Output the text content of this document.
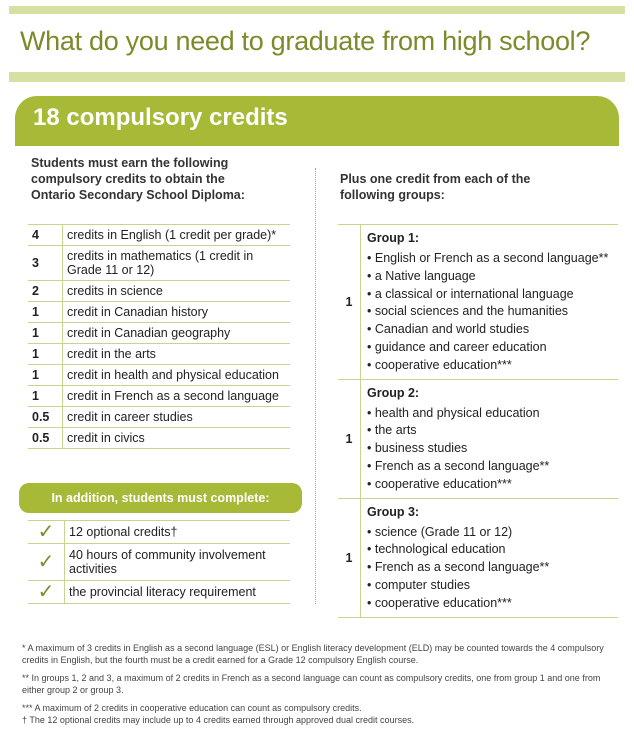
What do you need to graduate from high school?
18 compulsory credits
Students must earn the following compulsory credits to obtain the Ontario Secondary School Diploma:
Plus one credit from each of the following groups:
4	credits in English (1 credit per grade)*
3	credits in mathematics (1 credit in Grade 11 or 12)
2	credits in science
1	credit in Canadian history
1	credit in Canadian geography
1	credit in the arts
1	credit in health and physical education
1	credit in French as a second language
0.5	credit in career studies
0.5	credit in civics
In addition, students must complete:
✓	12 optional credits†
✓	40 hours of community involvement activities
✓	the provincial literacy requirement
1
Group 1:
• English or French as a second language**
• a Native language
• a classical or international language
• social sciences and the humanities
• Canadian and world studies
• guidance and career education
• cooperative education***
1
Group 2:
• health and physical education
• the arts
• business studies
• French as a second language**
• cooperative education***
1
Group 3:
• science (Grade 11 or 12)
• technological education
• French as a second language**
• computer studies
• cooperative education***
* A maximum of 3 credits in English as a second language (ESL) or English literacy development (ELD) may be counted towards the 4 compulsory credits in English, but the fourth must be a credit earned for a Grade 12 compulsory English course.
** In groups 1, 2 and 3, a maximum of 2 credits in French as a second language can count as compulsory credits, one from group 1 and one from either group 2 or group 3.
*** A maximum of 2 credits in cooperative education can count as compulsory credits.
† The 12 optional credits may include up to 4 credits earned through approved dual credit courses.
